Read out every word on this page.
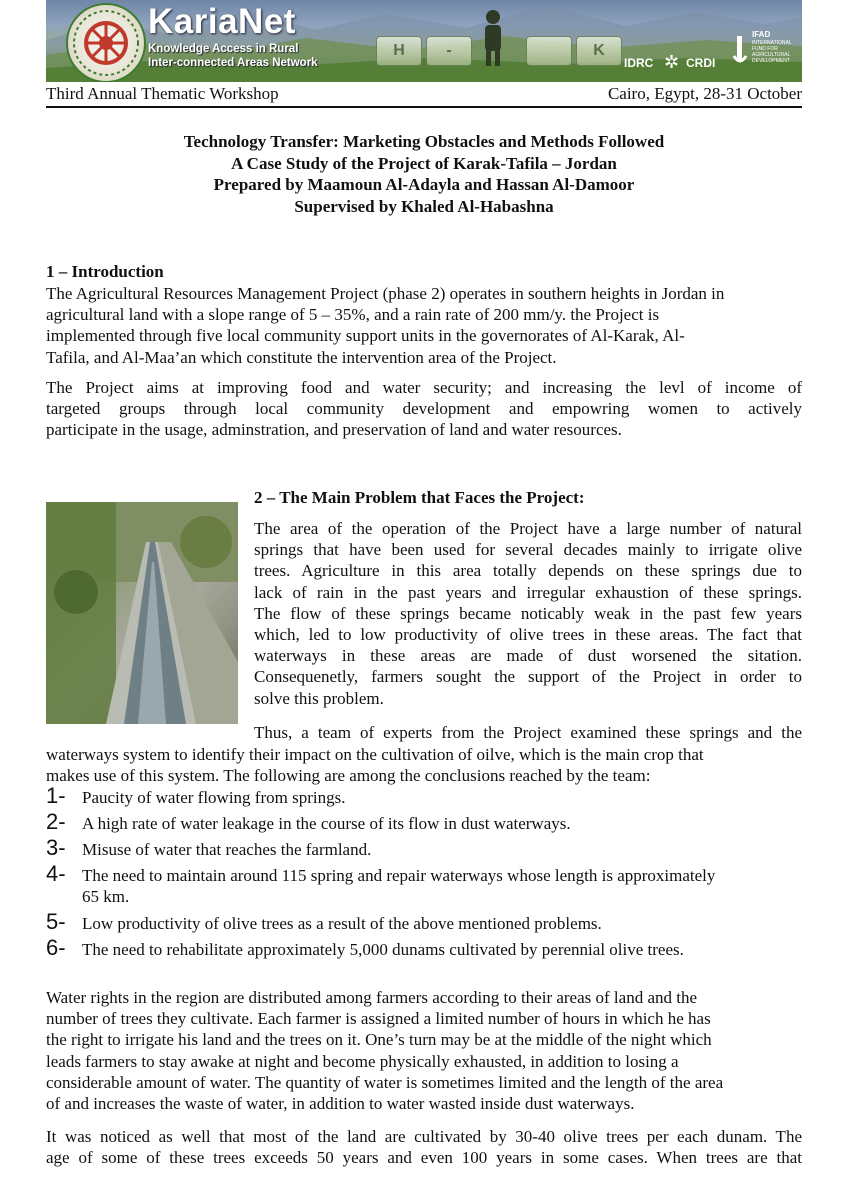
KariaNet
Knowledge Access in Rural
Inter-connected Areas Network
H	-	K
IDRC ✲ CRDI
IFAD
INTERNATIONAL FUND FOR AGRICULTURAL DEVELOPMENT
Third Annual Thematic Workshop	Cairo, Egypt, 28-31 October
Technology Transfer: Marketing Obstacles and Methods Followed
A Case Study of the Project of Karak-Tafila – Jordan
Prepared by Maamoun Al-Adayla and Hassan Al-Damoor
Supervised by Khaled Al-Habashna
1 – Introduction
The Agricultural Resources Management Project (phase 2) operates in southern heights in Jordan in
agricultural land with a slope range of 5 – 35%, and a rain rate of 200 mm/y. the Project is
implemented through five local community support units in the governorates of Al-Karak, Al-
Tafila, and Al-Maa’an which constitute the intervention area of the Project.
The Project aims at improving food and water security; and increasing the levl of income of
targeted groups through local community development and empowring women to actively
participate in the usage, adminstration, and preservation of land and water resources.
2 – The Main Problem that Faces the Project:
The area of the operation of the Project have a large number of natural
springs that have been used for several decades mainly to irrigate olive
trees. Agriculture in this area totally depends on these springs due to
lack of rain in the past years and irregular exhaustion of these springs.
The flow of these springs became noticably weak in the past few years
which, led to low productivity of olive trees in these areas. The fact that
waterways in these areas are made of dust worsened the sitation.
Consequenetly, farmers sought the support of the Project in order to
solve this problem.
Thus, a team of experts from the Project examined these springs and the
waterways system to identify their impact on the cultivation of oilve, which is the main crop that
makes use of this system. The following are among the conclusions reached by the team:
1- Paucity of water flowing from springs.
2- A high rate of water leakage in the course of its flow in dust waterways.
3- Misuse of water that reaches the farmland.
4- The need to maintain around 115 spring and repair waterways whose length is approximately
65 km.
5- Low productivity of olive trees as a result of the above mentioned problems.
6- The need to rehabilitate approximately 5,000 dunams cultivated by perennial olive trees.
Water rights in the region are distributed among farmers according to their areas of land and the
number of trees they cultivate. Each farmer is assigned a limited number of hours in which he has
the right to irrigate his land and the trees on it. One’s turn may be at the middle of the night which
leads farmers to stay awake at night and become physically exhausted, in addition to losing a
considerable amount of water. The quantity of water is sometimes limited and the length of the area
of and increases the waste of water, in addition to water wasted inside dust waterways.
It was noticed as well that most of the land are cultivated by 30-40 olive trees per each dunam. The
age of some of these trees exceeds 50 years and even 100 years in some cases. When trees are that
